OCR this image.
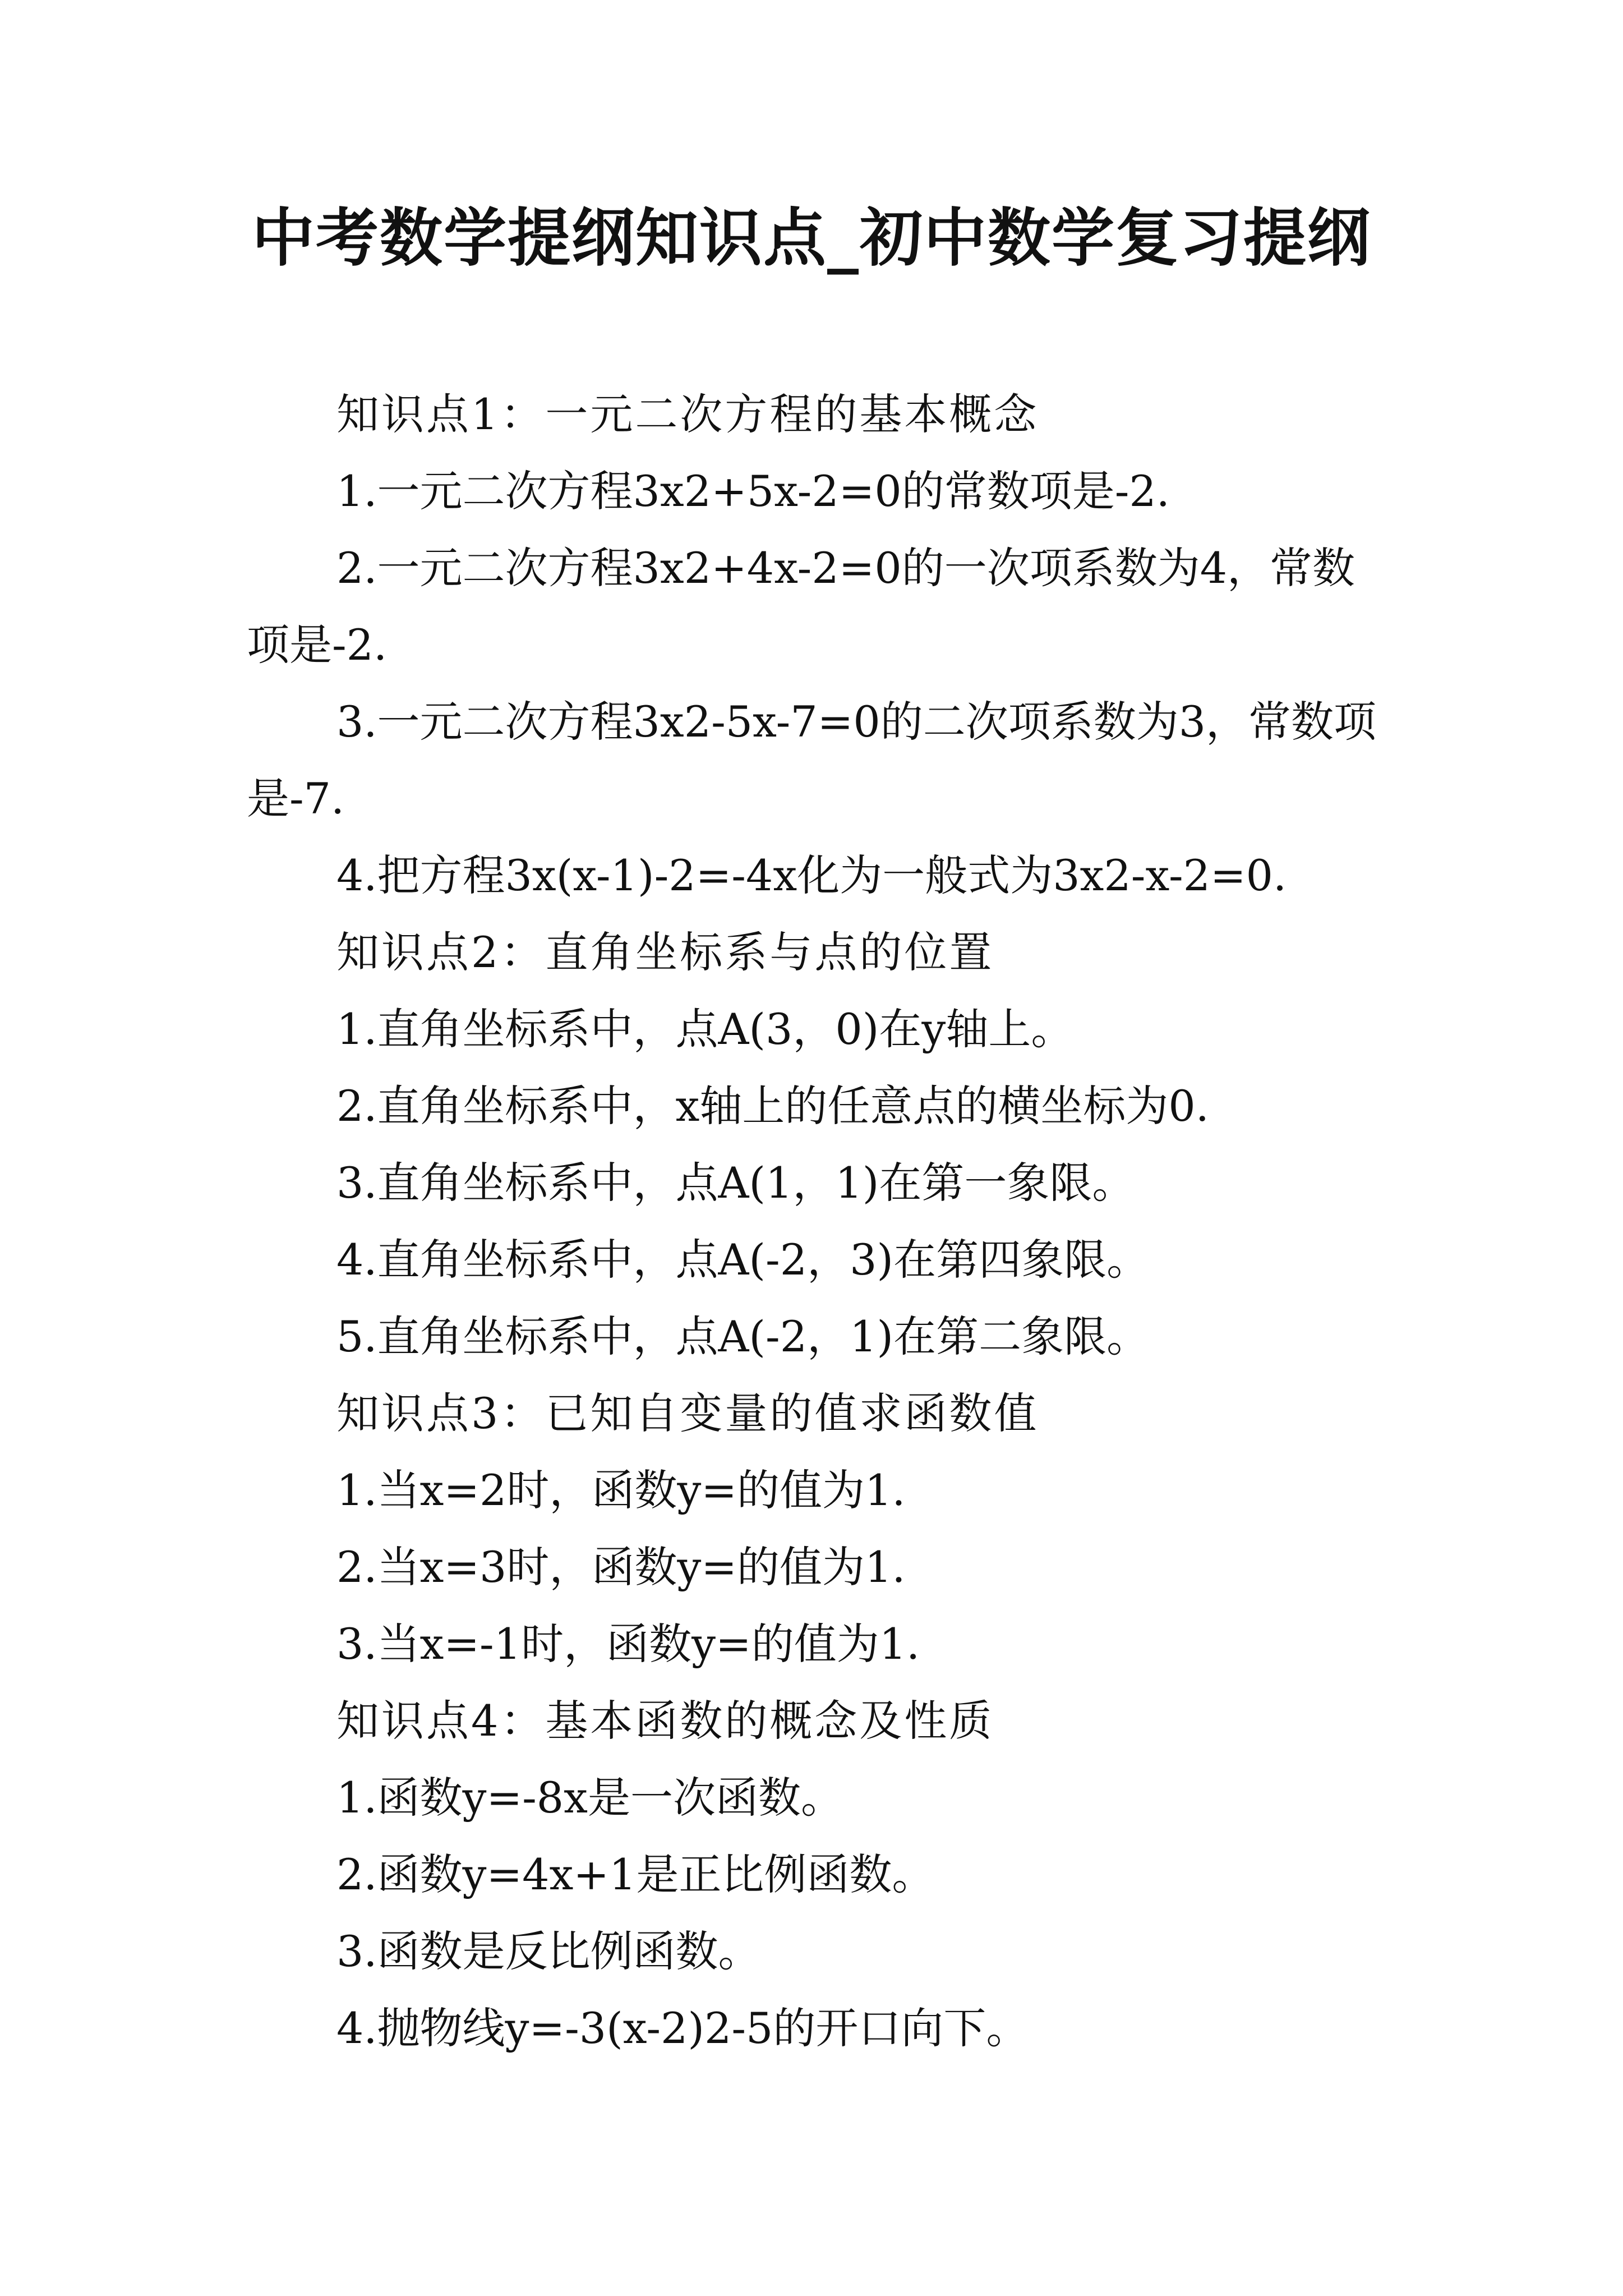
中考数学提纲知识点_初中数学复习提纲

知识点1：一元二次方程的基本概念

1.一元二次方程3x2+5x-2=0的常数项是-2.

2.一元二次方程3x2+4x-2=0的一次项系数为4，常数项是-2.

3.一元二次方程3x2-5x-7=0的二次项系数为3，常数项是-7.

4.把方程3x(x-1)-2=-4x化为一般式为3x2-x-2=0.

知识点2：直角坐标系与点的位置

1.直角坐标系中，点A(3，0)在y轴上。

2.直角坐标系中，x轴上的任意点的横坐标为0.

3.直角坐标系中，点A(1，1)在第一象限。

4.直角坐标系中，点A(-2，3)在第四象限。

5.直角坐标系中，点A(-2，1)在第二象限。

知识点3：已知自变量的值求函数值

1.当x=2时，函数y=的值为1.

2.当x=3时，函数y=的值为1.

3.当x=-1时，函数y=的值为1.

知识点4：基本函数的概念及性质

1.函数y=-8x是一次函数。

2.函数y=4x+1是正比例函数。

3.函数是反比例函数。

4.抛物线y=-3(x-2)2-5的开口向下。
